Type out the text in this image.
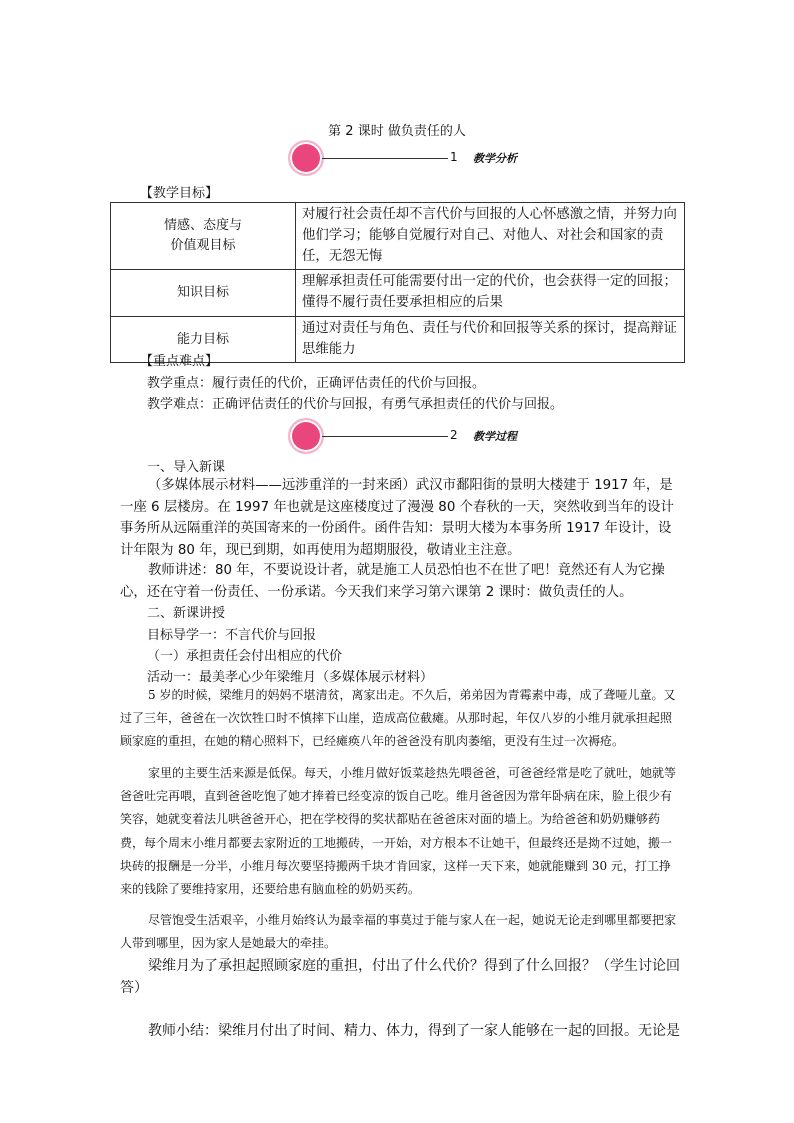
第 2 课时 做负责任的人
1 教学分析
【教学目标】
情感、态度与
价值观目标	对履行社会责任却不言代价与回报的人心怀感激之情，并努力向他们学习；能够自觉履行对自己、对他人、对社会和国家的责任，无怨无悔
知识目标	理解承担责任可能需要付出一定的代价，也会获得一定的回报；懂得不履行责任要承担相应的后果
能力目标	通过对责任与角色、责任与代价和回报等关系的探讨，提高辩证思维能力
【重点难点】
教学重点：履行责任的代价，正确评估责任的代价与回报。
教学难点：正确评估责任的代价与回报，有勇气承担责任的代价与回报。
2 教学过程
一、导入新课
（多媒体展示材料——远涉重洋的一封来函）武汉市鄱阳街的景明大楼建于 1917 年，是一座 6 层楼房。在 1997 年也就是这座楼度过了漫漫 80 个春秋的一天，突然收到当年的设计事务所从远隔重洋的英国寄来的一份函件。函件告知：景明大楼为本事务所 1917 年设计，设计年限为 80 年，现已到期，如再使用为超期服役，敬请业主注意。
教师讲述：80 年，不要说设计者，就是施工人员恐怕也不在世了吧！竟然还有人为它操心，还在守着一份责任、一份承诺。今天我们来学习第六课第 2 课时：做负责任的人。
二、新课讲授
目标导学一：不言代价与回报
（一）承担责任会付出相应的代价
活动一：最美孝心少年梁维月（多媒体展示材料）
5 岁的时候，梁维月的妈妈不堪清贫，离家出走。不久后，弟弟因为青霉素中毒，成了聋哑儿童。又过了三年，爸爸在一次饮牲口时不慎摔下山崖，造成高位截瘫。从那时起，年仅八岁的小维月就承担起照顾家庭的重担，在她的精心照料下，已经瘫痪八年的爸爸没有肌肉萎缩，更没有生过一次褥疮。
家里的主要生活来源是低保。每天，小维月做好饭菜趁热先喂爸爸，可爸爸经常是吃了就吐，她就等爸爸吐完再喂，直到爸爸吃饱了她才捧着已经变凉的饭自己吃。维月爸爸因为常年卧病在床，脸上很少有笑容，她就变着法儿哄爸爸开心，把在学校得的奖状都贴在爸爸床对面的墙上。为给爸爸和奶奶赚够药费，每个周末小维月都要去家附近的工地搬砖，一开始，对方根本不让她干，但最终还是拗不过她，搬一块砖的报酬是一分半，小维月每次要坚持搬两千块才肯回家，这样一天下来，她就能赚到 30 元，打工挣来的钱除了要维持家用，还要给患有脑血栓的奶奶买药。
尽管饱受生活艰辛，小维月始终认为最幸福的事莫过于能与家人在一起，她说无论走到哪里都要把家人带到哪里，因为家人是她最大的牵挂。
梁维月为了承担起照顾家庭的重担，付出了什么代价？得到了什么回报？（学生讨论回答）
教师小结：梁维月付出了时间、精力、体力，得到了一家人能够在一起的回报。无论是
